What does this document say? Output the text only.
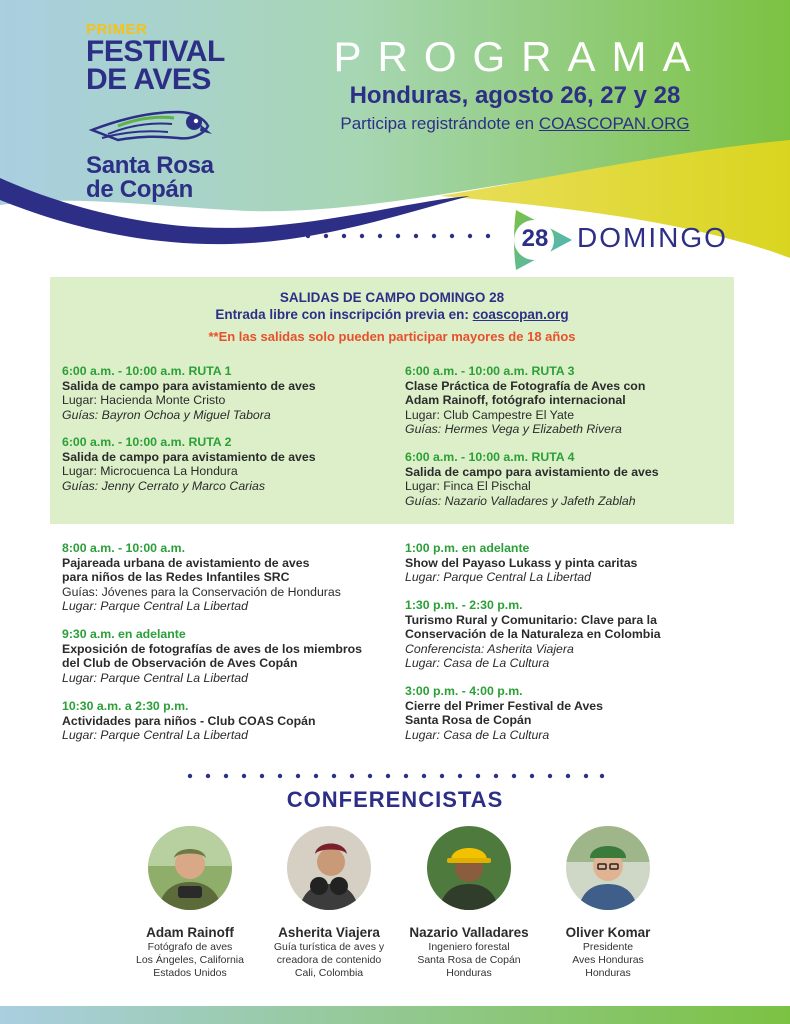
PRIMER
FESTIVAL
DE AVES
Santa Rosa
de Copán
PROGRAMA
Honduras, agosto 26, 27 y 28
Participa registrándote en COASCOPAN.ORG
28 DOMINGO
SALIDAS DE CAMPO DOMINGO 28
Entrada libre con inscripción previa en: coascopan.org
**En las salidas solo pueden participar mayores de 18 años
6:00 a.m. - 10:00 a.m. RUTA 1
Salida de campo para avistamiento de aves
Lugar: Hacienda Monte Cristo
Guías: Bayron Ochoa y Miguel Tabora
6:00 a.m. - 10:00 a.m. RUTA 2
Salida de campo para avistamiento de aves
Lugar: Microcuenca La Hondura
Guías: Jenny Cerrato y Marco Carias
6:00 a.m. - 10:00 a.m. RUTA 3
Clase Práctica de Fotografía de Aves con
Adam Rainoff, fotógrafo internacional
Lugar: Club Campestre El Yate
Guías: Hermes Vega y Elizabeth Rivera
6:00 a.m. - 10:00 a.m. RUTA 4
Salida de campo para avistamiento de aves
Lugar: Finca El Pischal
Guías: Nazario Valladares y Jafeth Zablah
8:00 a.m. - 10:00 a.m.
Pajareada urbana de avistamiento de aves
para niños de las Redes Infantiles SRC
Guías: Jóvenes para la Conservación de Honduras
Lugar: Parque Central La Libertad
9:30 a.m. en adelante
Exposición de fotografías de aves de los miembros
del Club de Observación de Aves Copán
Lugar: Parque Central La Libertad
10:30 a.m. a 2:30 p.m.
Actividades para niños - Club COAS Copán
Lugar: Parque Central La Libertad
1:00 p.m. en adelante
Show del Payaso Lukass y pinta caritas
Lugar: Parque Central La Libertad
1:30 p.m. - 2:30 p.m.
Turismo Rural y Comunitario: Clave para la
Conservación de la Naturaleza en Colombia
Conferencista: Asherita Viajera
Lugar: Casa de La Cultura
3:00 p.m. - 4:00 p.m.
Cierre del Primer Festival de Aves
Santa Rosa de Copán
Lugar: Casa de La Cultura
CONFERENCISTAS
Adam Rainoff
Fotógrafo de aves
Los Ángeles, California
Estados Unidos
Asherita Viajera
Guía turística de aves y
creadora de contenido
Cali, Colombia
Nazario Valladares
Ingeniero forestal
Santa Rosa de Copán
Honduras
Oliver Komar
Presidente
Aves Honduras
Honduras
